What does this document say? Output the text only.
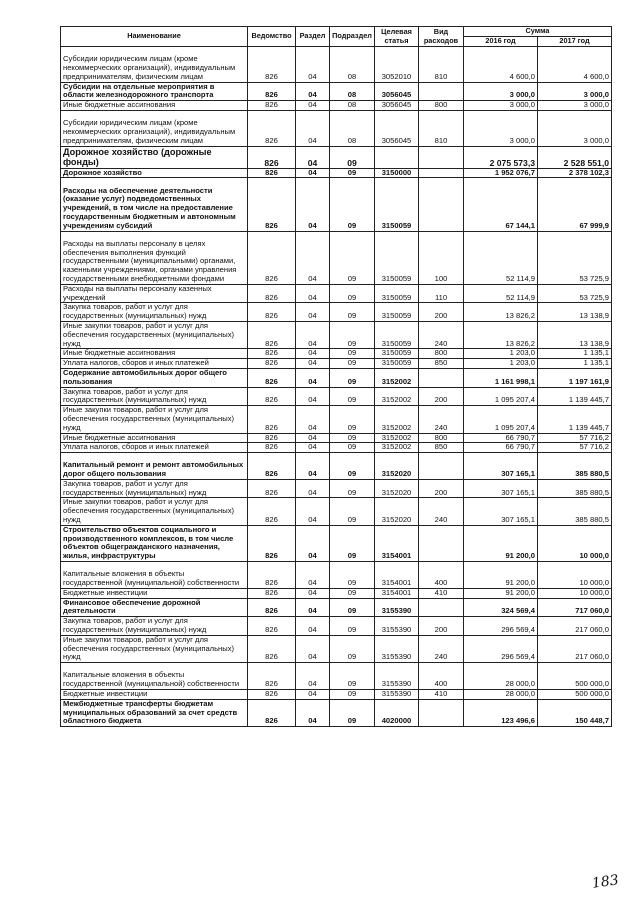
Наименование	Ведомство	Раздел	Подраздел	Целевая статья	Вид расходов	Сумма	
						2016 год	2017 год
Субсидии юридическим лицам (кроме некоммерческих организаций), индивидуальным предпринимателям, физическим лицам	826	04	08	3052010	810	4 600,0	4 600,0
Субсидии на отдельные мероприятия в области железнодорожного транспорта	826	04	08	3056045		3 000,0	3 000,0
Иные бюджетные ассигнования	826	04	08	3056045	800	3 000,0	3 000,0
Субсидии юридическим лицам (кроме некоммерческих организаций), индивидуальным предпринимателям, физическим лицам	826	04	08	3056045	810	3 000,0	3 000,0
Дорожное хозяйство (дорожные фонды)	826	04	09			2 075 573,3	2 528 551,0
Дорожное хозяйство	826	04	09	3150000		1 952 076,7	2 378 102,3
Расходы на обеспечение деятельности (оказание услуг) подведомственных учреждений, в том числе на предоставление государственным бюджетным и автономным учреждениям субсидий	826	04	09	3150059		67 144,1	67 999,9
Расходы на выплаты персоналу в целях обеспечения выполнения функций государственными (муниципальными) органами, казенными учреждениями, органами управления государственными внебюджетными фондами	826	04	09	3150059	100	52 114,9	53 725,9
Расходы на выплаты персоналу казенных учреждений	826	04	09	3150059	110	52 114,9	53 725,9
Закупка товаров, работ и услуг для государственных (муниципальных) нужд	826	04	09	3150059	200	13 826,2	13 138,9
Иные закупки товаров, работ и услуг для обеспечения государственных (муниципальных) нужд	826	04	09	3150059	240	13 826,2	13 138,9
Иные бюджетные ассигнования	826	04	09	3150059	800	1 203,0	1 135,1
Уплата налогов, сборов и иных платежей	826	04	09	3150059	850	1 203,0	1 135,1
Содержание автомобильных дорог общего пользования	826	04	09	3152002		1 161 998,1	1 197 161,9
Закупка товаров, работ и услуг для государственных (муниципальных) нужд	826	04	09	3152002	200	1 095 207,4	1 139 445,7
Иные закупки товаров, работ и услуг для обеспечения государственных (муниципальных) нужд	826	04	09	3152002	240	1 095 207,4	1 139 445,7
Иные бюджетные ассигнования	826	04	09	3152002	800	66 790,7	57 716,2
Уплата налогов, сборов и иных платежей	826	04	09	3152002	850	66 790,7	57 716,2
Капитальный ремонт и ремонт автомобильных дорог общего пользования	826	04	09	3152020		307 165,1	385 880,5
Закупка товаров, работ и услуг для государственных (муниципальных) нужд	826	04	09	3152020	200	307 165,1	385 880,5
Иные закупки товаров, работ и услуг для обеспечения государственных (муниципальных) нужд	826	04	09	3152020	240	307 165,1	385 880,5
Строительство объектов социального и производственного комплексов, в том числе объектов общегражданского назначения, жилья, инфраструктуры	826	04	09	3154001		91 200,0	10 000,0
Капитальные вложения в объекты государственной (муниципальной) собственности	826	04	09	3154001	400	91 200,0	10 000,0
Бюджетные инвестиции	826	04	09	3154001	410	91 200,0	10 000,0
Финансовое обеспечение дорожной деятельности	826	04	09	3155390		324 569,4	717 060,0
Закупка товаров, работ и услуг для государственных (муниципальных) нужд	826	04	09	3155390	200	296 569,4	217 060,0
Иные закупки товаров, работ и услуг для обеспечения государственных (муниципальных) нужд	826	04	09	3155390	240	296 569,4	217 060,0
Капитальные вложения в объекты государственной (муниципальной) собственности	826	04	09	3155390	400	28 000,0	500 000,0
Бюджетные инвестиции	826	04	09	3155390	410	28 000,0	500 000,0
Межбюджетные трансферты бюджетам муниципальных образований за счет средств областного бюджета	826	04	09	4020000		123 496,6	150 448,7
183
